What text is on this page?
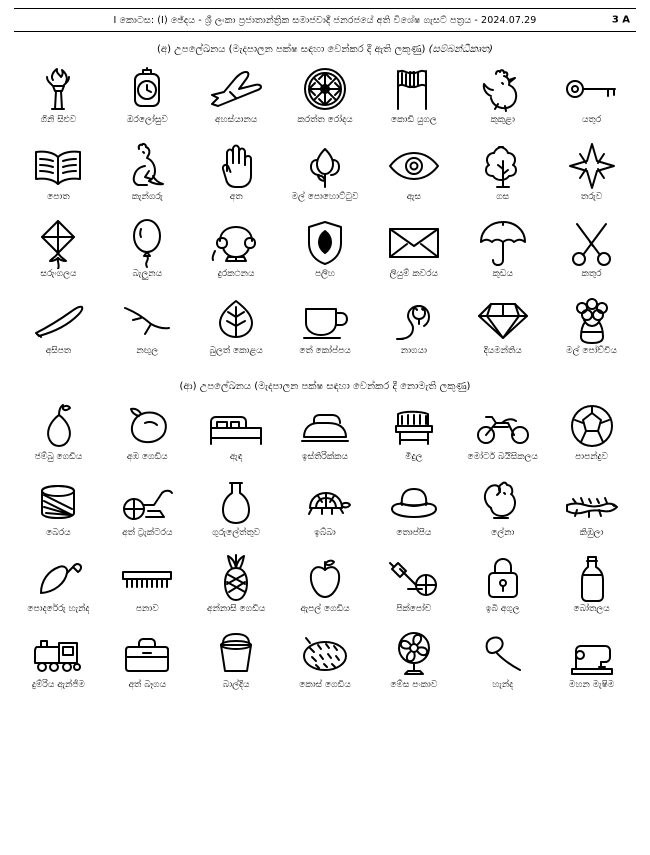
I කොටස: (I) ඡේදය - ශ්‍රී ලංකා ප්‍රජාතාන්ත්‍රික සමාජවාදී ජනරජයේ අති විශේෂ ගැසට් පත්‍රය - 2024.07.29	3 A
(අ) උපලේඛනය (මැදපාලන පක්ෂ සඳහා වෙන්කර දී ඇති ලකුණු) (සම්බන්ධීකෘත)
ගිනි සිළුව	ඔරලෝසුව	අහස්යානය	කරත්ත රෝදය	කොඩි යුගල	කුකුළා	යතුර
පොත	කැන්ගරු	අත	මල් පොහොට්ටුව	ඇස	ගස	තරුව
සරුංගලය	බැලුනය	දුරකථනය	පලිහ	ලියුම් කවරය	කුඩය	කතුර
අසිපත	නඟුල	බුලත් කොළය	තේ කෝප්පය	නාගයා	දියමන්තිය	මල් පෝච්චිය
(ආ) උපලේඛනය (මැදපාලන පක්ෂ සඳහා වෙන්කර දී නොමැති ලකුණු)
ජම්බු ගෙඩිය	අඹ ගෙඩිය	ඇඳ	ඉස්තිරික්කය	මිදුල	මෝටර් බයිසිකලය	පාපන්දුව
බෙරය	අත් ට්‍රැක්ටරය	ගුරුලේත්තුව	ඉබ්බා	තොප්පිය	ලේනා	කිඹුලා
පොදරේරු හැන්ද	පනාව	අන්නාසි ගෙඩිය	ඇපල් ගෙඩිය	පික්පෝච	ඉබි අගුල	බෝතලය
දුම්රිය ඇන්ජිම	අත් බෑගය	බාල්දිය	කොස් ගෙඩිය	මේස පංකාව	හැන්ද	මහන මැෂිම
